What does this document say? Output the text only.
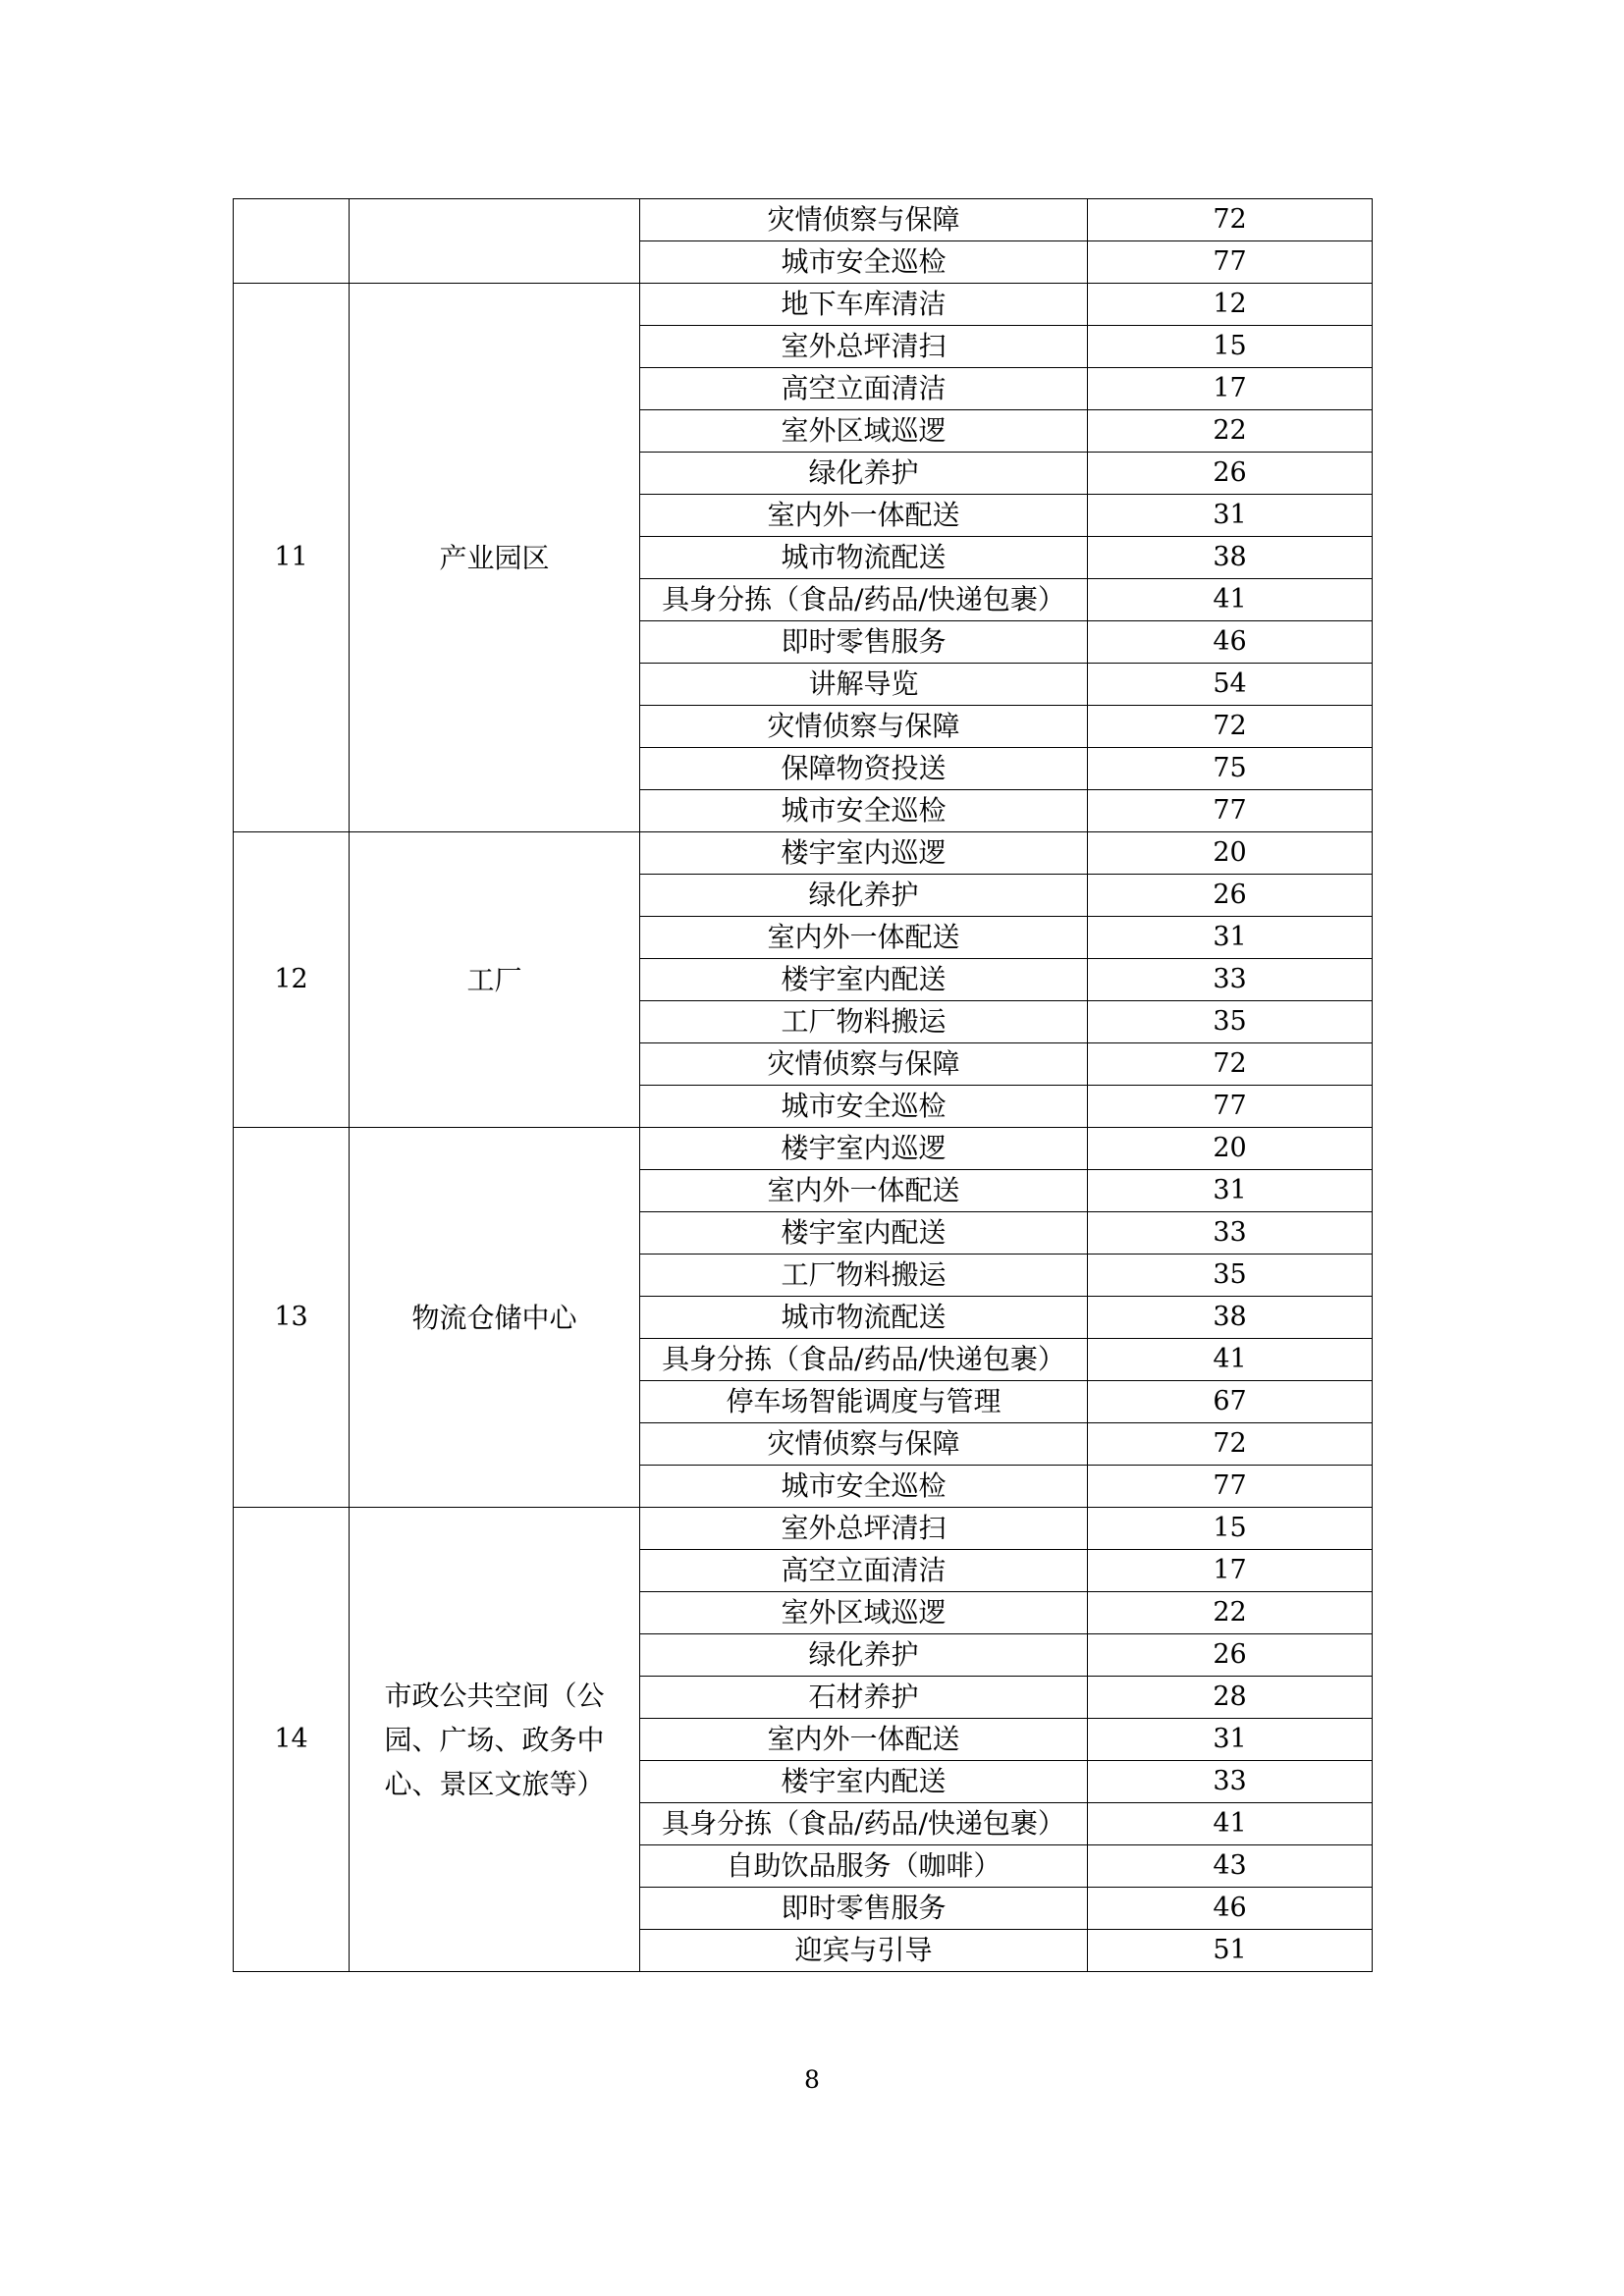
		灾情侦察与保障	72
		城市安全巡检	77
11	产业园区	地下车库清洁	12
		室外总坪清扫	15
		高空立面清洁	17
		室外区域巡逻	22
		绿化养护	26
		室内外一体配送	31
		城市物流配送	38
		具身分拣（食品/药品/快递包裹）	41
		即时零售服务	46
		讲解导览	54
		灾情侦察与保障	72
		保障物资投送	75
		城市安全巡检	77
12	工厂	楼宇室内巡逻	20
		绿化养护	26
		室内外一体配送	31
		楼宇室内配送	33
		工厂物料搬运	35
		灾情侦察与保障	72
		城市安全巡检	77
13	物流仓储中心	楼宇室内巡逻	20
		室内外一体配送	31
		楼宇室内配送	33
		工厂物料搬运	35
		城市物流配送	38
		具身分拣（食品/药品/快递包裹）	41
		停车场智能调度与管理	67
		灾情侦察与保障	72
		城市安全巡检	77
14	市政公共空间（公园、广场、政务中心、景区文旅等）	室外总坪清扫	15
		高空立面清洁	17
		室外区域巡逻	22
		绿化养护	26
		石材养护	28
		室内外一体配送	31
		楼宇室内配送	33
		具身分拣（食品/药品/快递包裹）	41
		自助饮品服务（咖啡）	43
		即时零售服务	46
		迎宾与引导	51
8
